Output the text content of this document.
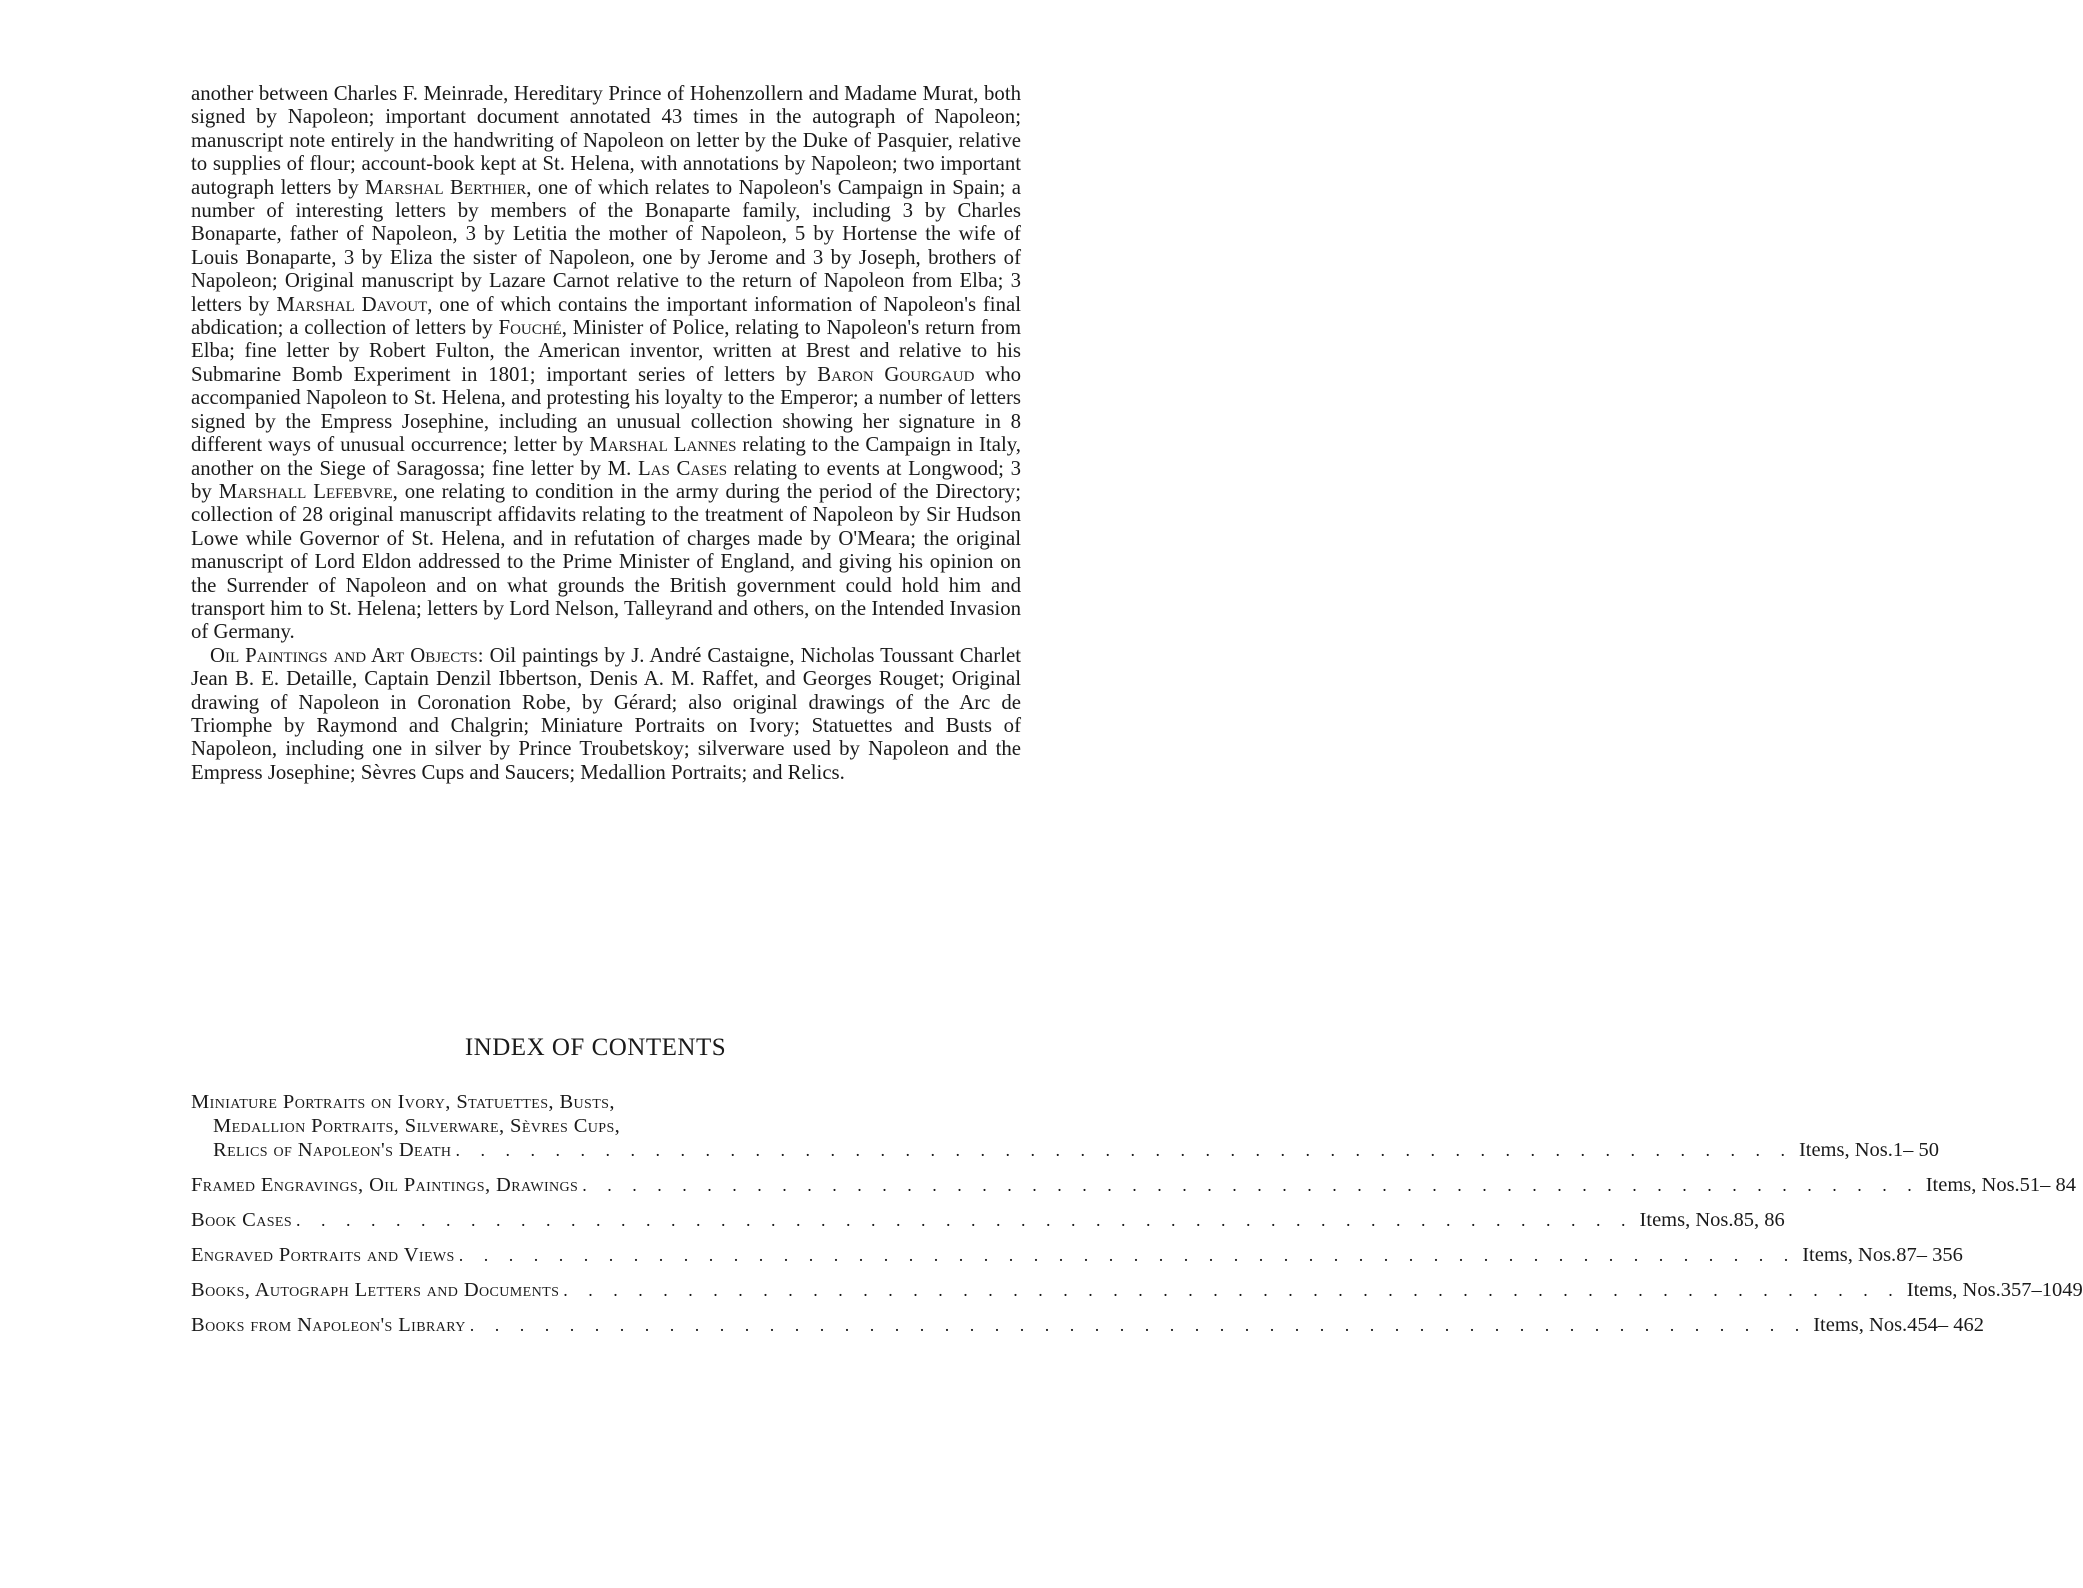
another between Charles F. Meinrade, Hereditary Prince of Hohenzollern and Madame Murat, both signed by Napoleon; important document annotated 43 times in the autograph of Napoleon; manuscript note entirely in the handwriting of Napoleon on letter by the Duke of Pasquier, relative to supplies of flour; account-book kept at St. Helena, with annotations by Napoleon; two important autograph letters by Marshal Berthier, one of which relates to Napoleon's Campaign in Spain; a number of interesting letters by members of the Bonaparte family, including 3 by Charles Bonaparte, father of Napoleon, 3 by Letitia the mother of Napoleon, 5 by Hortense the wife of Louis Bonaparte, 3 by Eliza the sister of Napoleon, one by Jerome and 3 by Joseph, brothers of Napoleon; Original manuscript by Lazare Carnot relative to the return of Napoleon from Elba; 3 letters by Marshal Davout, one of which contains the important information of Napoleon's final abdication; a collection of letters by Fouché, Minister of Police, relating to Napoleon's return from Elba; fine letter by Robert Fulton, the American inventor, written at Brest and relative to his Submarine Bomb Experiment in 1801; important series of letters by Baron Gourgaud who accompanied Napoleon to St. Helena, and protesting his loyalty to the Emperor; a number of letters signed by the Empress Josephine, including an unusual collection showing her signature in 8 different ways of unusual occurrence; letter by Marshal Lannes relating to the Campaign in Italy, another on the Siege of Saragossa; fine letter by M. Las Cases relating to events at Longwood; 3 by Marshall Lefebvre, one relating to condition in the army during the period of the Directory; collection of 28 original manuscript affidavits relating to the treatment of Napoleon by Sir Hudson Lowe while Governor of St. Helena, and in refutation of charges made by O'Meara; the original manuscript of Lord Eldon addressed to the Prime Minister of England, and giving his opinion on the Surrender of Napoleon and on what grounds the British government could hold him and transport him to St. Helena; letters by Lord Nelson, Talleyrand and others, on the Intended Invasion of Germany.

Oil Paintings and Art Objects: Oil paintings by J. André Castaigne, Nicholas Toussant Charlet Jean B. E. Detaille, Captain Denzil Ibbertson, Denis A. M. Raffet, and Georges Rouget; Original drawing of Napoleon in Coronation Robe, by Gérard; also original drawings of the Arc de Triomphe by Raymond and Chalgrin; Miniature Portraits on Ivory; Statuettes and Busts of Napoleon, including one in silver by Prince Troubetskoy; silverware used by Napoleon and the Empress Josephine; Sèvres Cups and Saucers; Medallion Portraits; and Relics.

INDEX OF CONTENTS
Miniature Portraits on Ivory, Statuettes, Busts,
Medallion Portraits, Silverware, Sèvres Cups,
Relics of Napoleon's Death . . . . . . . . . . . . . . . . . . . . . . . . . . . . . . . . . . . . . . . . . . . . . . . . . . . . . . Items, Nos. 1– 50
Framed Engravings, Oil Paintings, Drawings . . . . . . . . . . . . . . . . . . . . . . . . . . . . . . . . . . . . . . . . . . . . . . . . . . . . . . Items, Nos. 51– 84
Book Cases . . . . . . . . . . . . . . . . . . . . . . . . . . . . . . . . . . . . . . . . . . . . . . . . . . . . . . Items, Nos. 85, 86
Engraved Portraits and Views . . . . . . . . . . . . . . . . . . . . . . . . . . . . . . . . . . . . . . . . . . . . . . . . . . . . . . Items, Nos. 87– 356
Books, Autograph Letters and Documents . . . . . . . . . . . . . . . . . . . . . . . . . . . . . . . . . . . . . . . . . . . . . . . . . . . . . . Items, Nos. 357–1049
Books from Napoleon's Library . . . . . . . . . . . . . . . . . . . . . . . . . . . . . . . . . . . . . . . . . . . . . . . . . . . . . . Items, Nos. 454– 462
